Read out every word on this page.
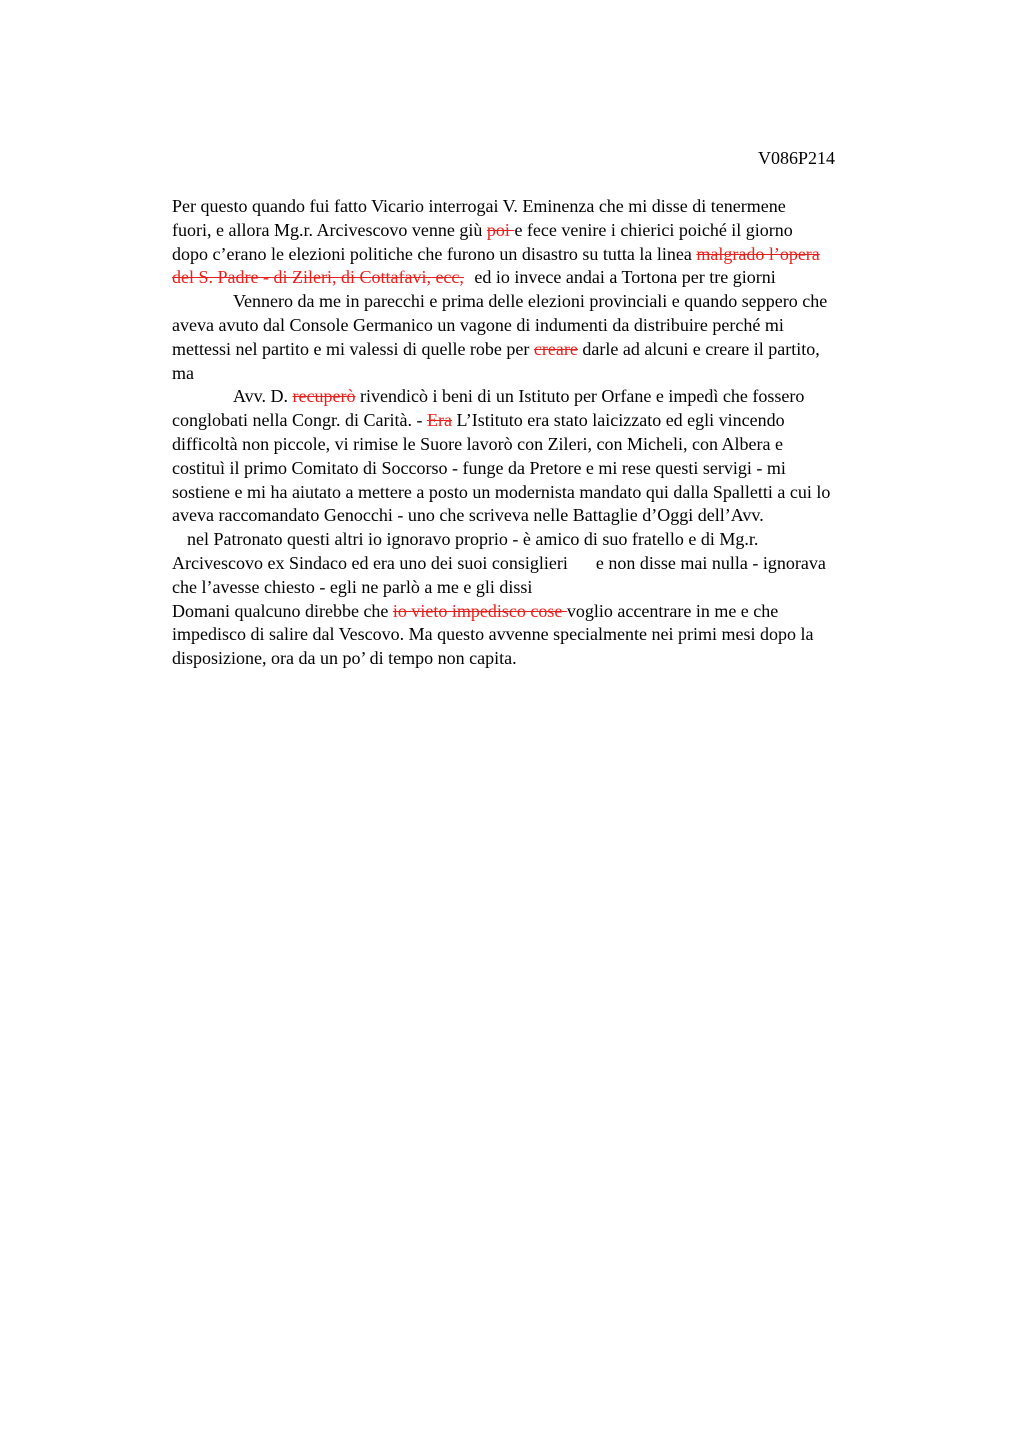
V086P214
Per questo quando fui fatto Vicario interrogai V. Eminenza che mi disse di tenermene
fuori, e allora Mg.r. Arcivescovo venne giù poi e fece venire i chierici poiché il giorno
dopo c’erano le elezioni politiche che furono un disastro su tutta la linea malgrado l’opera
del S. Padre - di Zileri, di Cottafavi, ecc, ed io invece andai a Tortona per tre giorni
Vennero da me in parecchi e prima delle elezioni provinciali e quando seppero che
aveva avuto dal Console Germanico un vagone di indumenti da distribuire perché mi
mettessi nel partito e mi valessi di quelle robe per creare darle ad alcuni e creare il partito,
ma
Avv. D. recuperò rivendicò i beni di un Istituto per Orfane e impedì che fossero
conglobati nella Congr. di Carità. - Era L’Istituto era stato laicizzato ed egli vincendo
difficoltà non piccole, vi rimise le Suore lavorò con Zileri, con Micheli, con Albera e
costituì il primo Comitato di Soccorso - funge da Pretore e mi rese questi servigi - mi
sostiene e mi ha aiutato a mettere a posto un modernista mandato qui dalla Spalletti a cui lo
aveva raccomandato Genocchi - uno che scriveva nelle Battaglie d’Oggi dell’Avv.
nel Patronato questi altri io ignoravo proprio - è amico di suo fratello e di Mg.r.
Arcivescovo ex Sindaco ed era uno dei suoi consiglieri e non disse mai nulla - ignorava
che l’avesse chiesto - egli ne parlò a me e gli dissi
Domani qualcuno direbbe che io vieto impedisco cose voglio accentrare in me e che
impedisco di salire dal Vescovo. Ma questo avvenne specialmente nei primi mesi dopo la
disposizione, ora da un po’ di tempo non capita.
